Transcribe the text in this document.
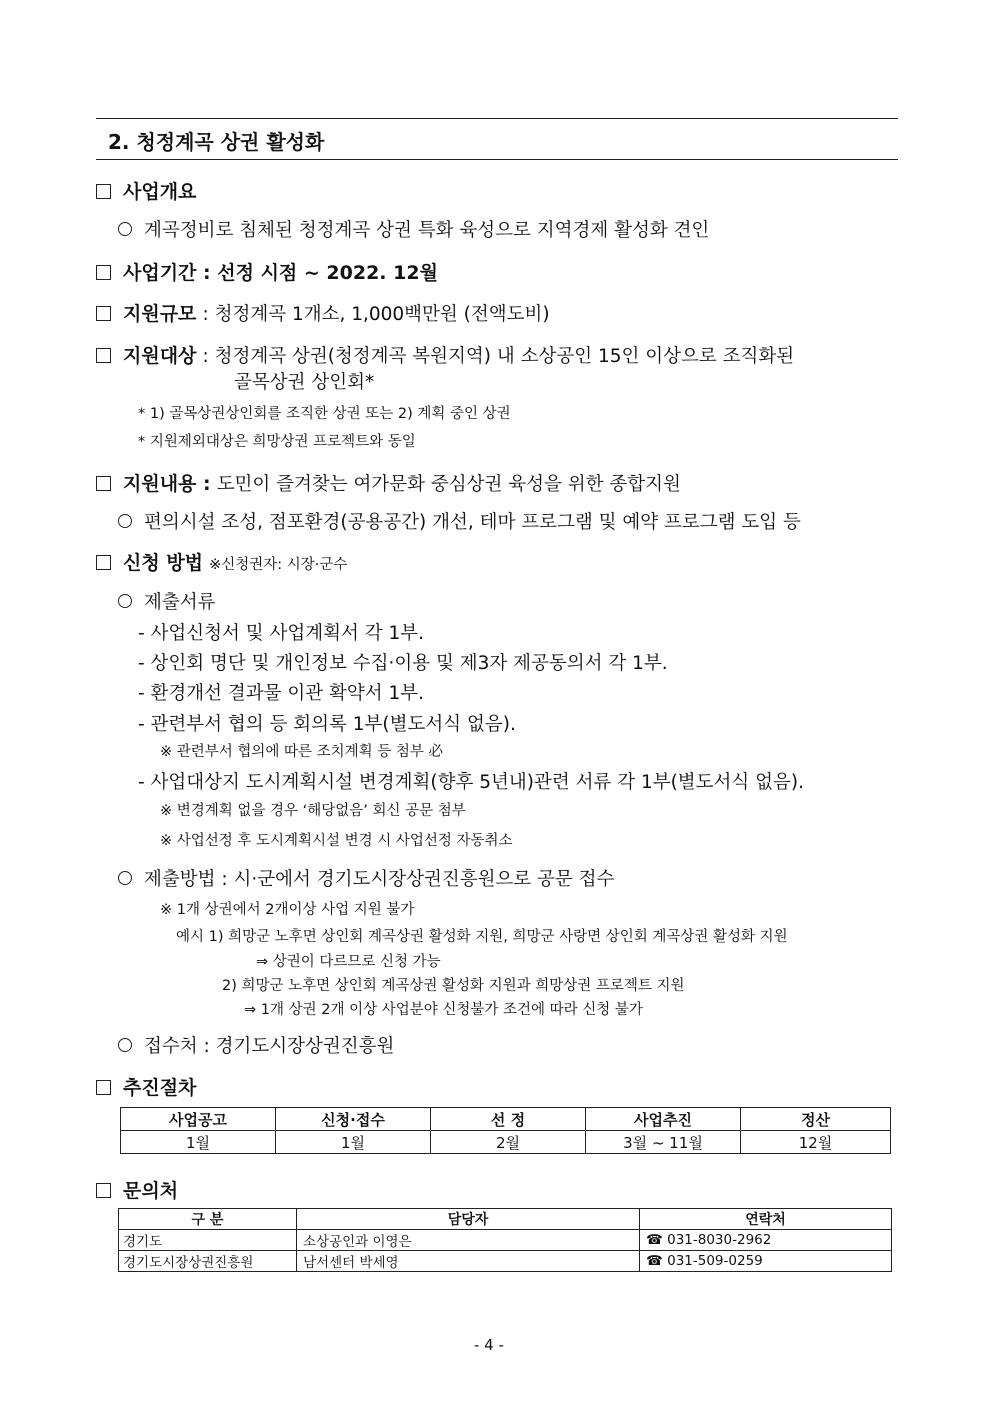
2. 청정계곡 상권 활성화
사업개요
계곡정비로 침체된 청정계곡 상권 특화 육성으로 지역경제 활성화 견인
사업기간 : 선정 시점 ~ 2022. 12월
지원규모 : 청정계곡 1개소, 1,000백만원 (전액도비)
지원대상 : 청정계곡 상권(청정계곡 복원지역) 내 소상공인 15인 이상으로 조직화된
골목상권 상인회*
* 1) 골목상권상인회를 조직한 상권 또는 2) 계획 중인 상권
* 지원제외대상은 희망상권 프로젝트와 동일
지원내용 : 도민이 즐겨찾는 여가문화 중심상권 육성을 위한 종합지원
편의시설 조성, 점포환경(공용공간) 개선, 테마 프로그램 및 예약 프로그램 도입 등
신청 방법 ※신청권자: 시장·군수
제출서류
- 사업신청서 및 사업계획서 각 1부.
- 상인회 명단 및 개인정보 수집·이용 및 제3자 제공동의서 각 1부.
- 환경개선 결과물 이관 확약서 1부.
- 관련부서 협의 등 회의록 1부(별도서식 없음).
※ 관련부서 협의에 따른 조치계획 등 첨부 必
- 사업대상지 도시계획시설 변경계획(향후 5년내)관련 서류 각 1부(별도서식 없음).
※ 변경계획 없을 경우 ‘해당없음’ 회신 공문 첨부
※ 사업선정 후 도시계획시설 변경 시 사업선정 자동취소
제출방법 : 시·군에서 경기도시장상권진흥원으로 공문 접수
※ 1개 상권에서 2개이상 사업 지원 불가
예시 1) 희망군 노후면 상인회 계곡상권 활성화 지원, 희망군 사랑면 상인회 계곡상권 활성화 지원
⇒ 상권이 다르므로 신청 가능
2) 희망군 노후면 상인회 계곡상권 활성화 지원과 희망상권 프로젝트 지원
⇒ 1개 상권 2개 이상 사업분야 신청불가 조건에 따라 신청 불가
접수처 : 경기도시장상권진흥원
추진절차
사업공고	신청·접수	선 정	사업추진	정산
1월	1월	2월	3월 ~ 11월	12월
문의처
구 분	담당자	연락처
경기도	소상공인과 이영은	☎ 031-8030-2962
경기도시장상권진흥원	남서센터 박세영	☎ 031-509-0259
- 4 -
